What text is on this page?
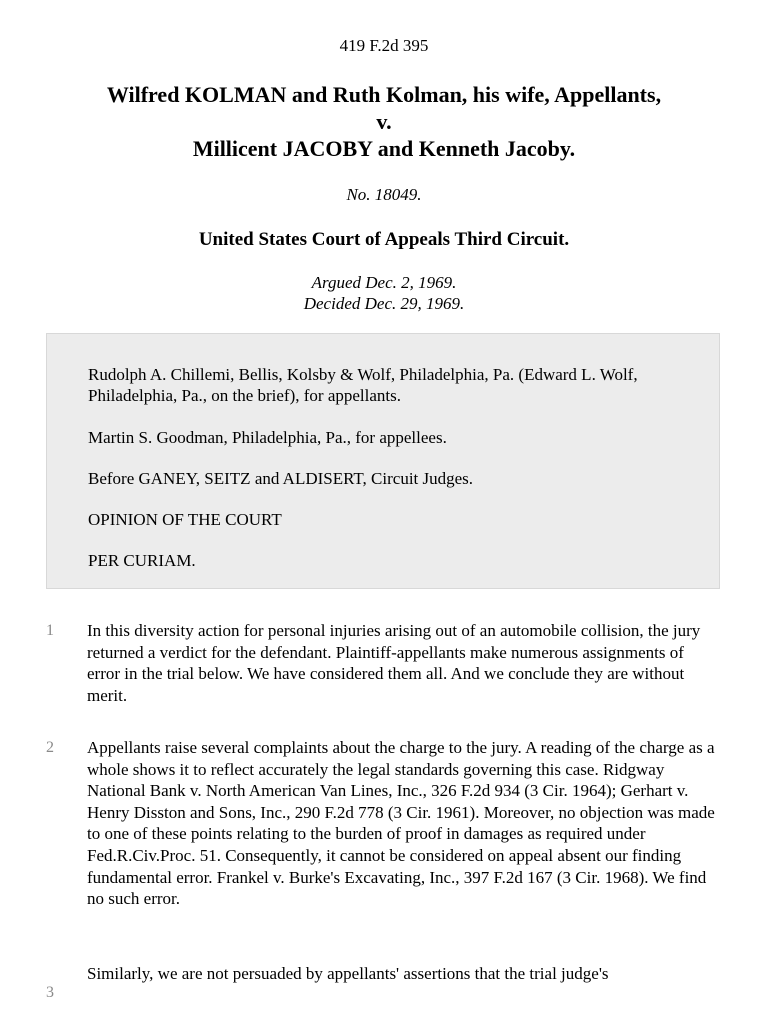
419 F.2d 395
Wilfred KOLMAN and Ruth Kolman, his wife, Appellants,
v.
Millicent JACOBY and Kenneth Jacoby.
No. 18049.
United States Court of Appeals Third Circuit.
Argued Dec. 2, 1969.
Decided Dec. 29, 1969.

Rudolph A. Chillemi, Bellis, Kolsby & Wolf, Philadelphia, Pa. (Edward L. Wolf, Philadelphia, Pa., on the brief), for appellants.

Martin S. Goodman, Philadelphia, Pa., for appellees.

Before GANEY, SEITZ and ALDISERT, Circuit Judges.

OPINION OF THE COURT

PER CURIAM.

1 In this diversity action for personal injuries arising out of an automobile collision, the jury returned a verdict for the defendant. Plaintiff-appellants make numerous assignments of error in the trial below. We have considered them all. And we conclude they are without merit.

2 Appellants raise several complaints about the charge to the jury. A reading of the charge as a whole shows it to reflect accurately the legal standards governing this case. Ridgway National Bank v. North American Van Lines, Inc., 326 F.2d 934 (3 Cir. 1964); Gerhart v. Henry Disston and Sons, Inc., 290 F.2d 778 (3 Cir. 1961). Moreover, no objection was made to one of these points relating to the burden of proof in damages as required under Fed.R.Civ.Proc. 51. Consequently, it cannot be considered on appeal absent our finding fundamental error. Frankel v. Burke's Excavating, Inc., 397 F.2d 167 (3 Cir. 1968). We find no such error.

3

Similarly, we are not persuaded by appellants' assertions that the trial judge's
